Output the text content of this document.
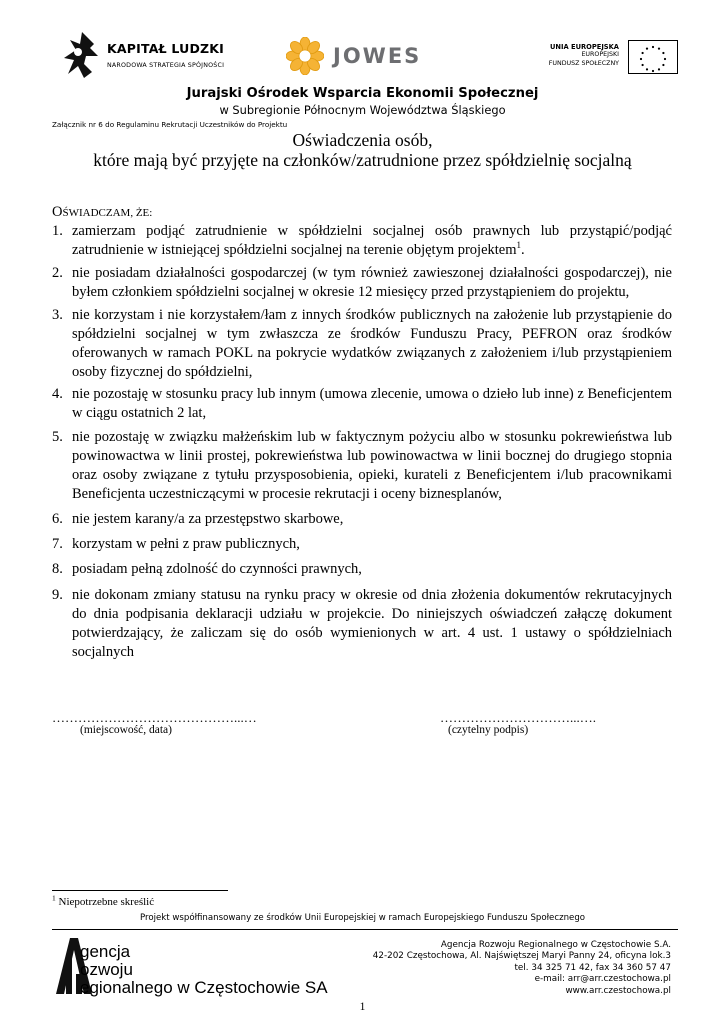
KAPITAŁ LUDZKI
NARODOWA STRATEGIA SPÓJNOŚCI	JOWES	UNIA EUROPEJSKA
EUROPEJSKI
FUNDUSZ SPOŁECZNY
Jurajski Ośrodek Wsparcia Ekonomii Społecznej
w Subregionie Północnym Województwa Śląskiego
Załącznik nr 6 do Regulaminu Rekrutacji Uczestników do Projektu
Oświadczenia osób,
które mają być przyjęte na członków/zatrudnione przez spółdzielnię socjalną
OŚWIADCZAM, ŻE:
1. zamierzam podjąć zatrudnienie w spółdzielni socjalnej osób prawnych lub przystąpić/podjąć zatrudnienie w istniejącej spółdzielni socjalnej na terenie objętym projektem$^1$.
2. nie posiadam działalności gospodarczej (w tym również zawieszonej działalności gospodarczej), nie byłem członkiem spółdzielni socjalnej w okresie 12 miesięcy przed przystąpieniem do projektu,
3. nie korzystam i nie korzystałem/łam z innych środków publicznych na założenie lub przystąpienie do spółdzielni socjalnej w tym zwłaszcza ze środków Funduszu Pracy, PEFRON oraz środków oferowanych w ramach POKL na pokrycie wydatków związanych z założeniem i/lub przystąpieniem osoby fizycznej do spółdzielni,
4. nie pozostaję w stosunku pracy lub innym (umowa zlecenie, umowa o dzieło lub inne) z Beneficjentem w ciągu ostatnich 2 lat,
5. nie pozostaję w związku małżeńskim lub w faktycznym pożyciu albo w stosunku pokrewieństwa lub powinowactwa w linii prostej, pokrewieństwa lub powinowactwa w linii bocznej do drugiego stopnia oraz osoby związane z tytułu przysposobienia, opieki, kurateli z Beneficjentem i/lub pracownikami Beneficjenta uczestniczącymi w procesie rekrutacji i oceny biznesplanów,
6. nie jestem karany/a za przestępstwo skarbowe,
7. korzystam w pełni z praw publicznych,
8. posiadam pełną zdolność do czynności prawnych,
9. nie dokonam zmiany statusu na rynku pracy w okresie od dnia złożenia dokumentów rekrutacyjnych do dnia podpisania deklaracji udziału w projekcie. Do niniejszych oświadczeń załączę dokument potwierdzający, że zaliczam się do osób wymienionych w art. 4 ust. 1 ustawy o spółdzielniach socjalnych
……………………………………...…	…………………………...….
(miejscowość, data)	(czytelny podpis)
$^1$ Niepotrzebne skreślić
Projekt współfinansowany ze środków Unii Europejskiej w ramach Europejskiego Funduszu Społecznego
gencja
ozwoju
egionalnego w Częstochowie SA
Agencja Rozwoju Regionalnego w Częstochowie S.A.
42-202 Częstochowa, Al. Najświętszej Maryi Panny 24, oficyna lok.3
tel. 34 325 71 42, fax 34 360 57 47
e-mail: arr@arr.czestochowa.pl
www.arr.czestochowa.pl
1
